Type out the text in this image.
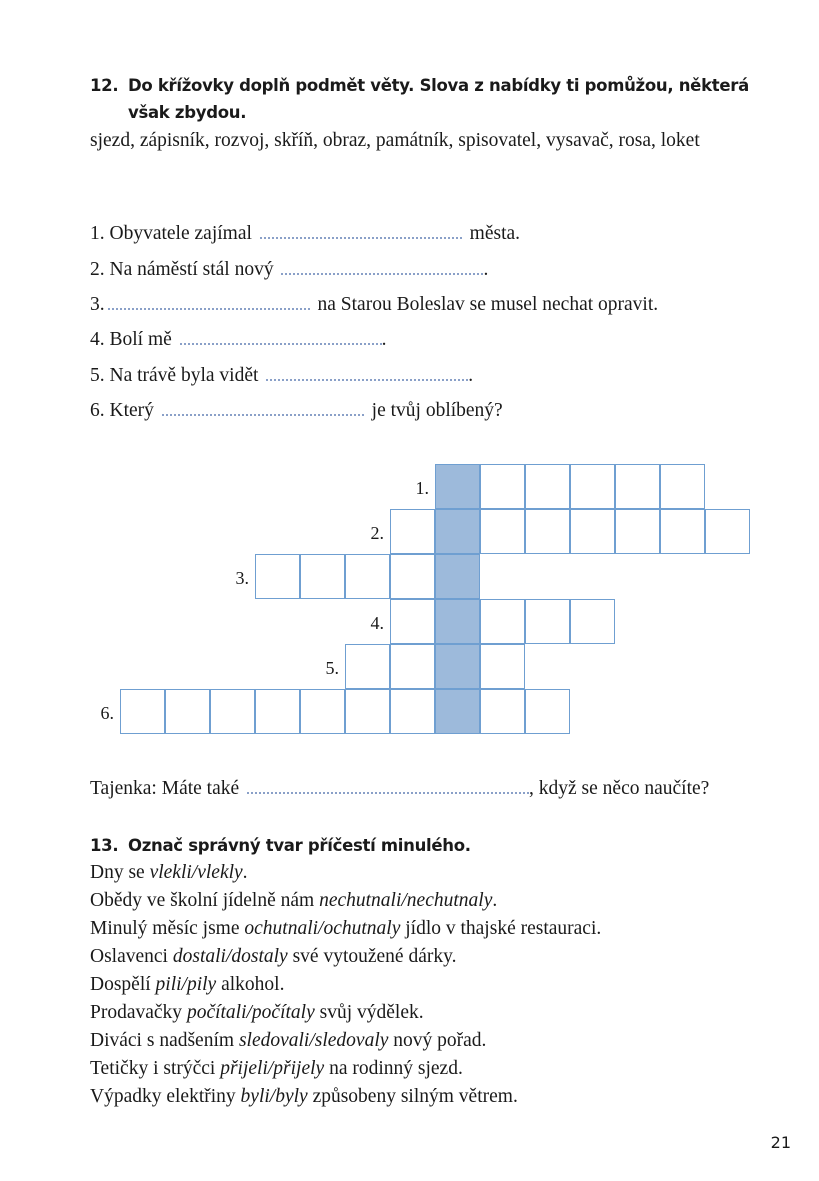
12. Do křížovky doplň podmět věty. Slova z nabídky ti pomůžou, některá však zbydou.
sjezd, zápisník, rozvoj, skříň, obraz, památník, spisovatel, vysavač, rosa, loket
1. Obyvatele zajímal	města.
2. Na náměstí stál nový	.
3.	na Starou Boleslav se musel nechat opravit.
4. Bolí mě	.
5. Na trávě byla vidět	.
6. Který	je tvůj oblíbený?
1.
2.
3.
4.
5.
6.
Tajenka: Máte také	, když se něco naučíte?
13. Označ správný tvar příčestí minulého.
Dny se vlekli/vlekly.
Obědy ve školní jídelně nám nechutnali/nechutnaly.
Minulý měsíc jsme ochutnali/ochutnaly jídlo v thajské restauraci.
Oslavenci dostali/dostaly své vytoužené dárky.
Dospělí pili/pily alkohol.
Prodavačky počítali/počítaly svůj výdělek.
Diváci s nadšením sledovali/sledovaly nový pořad.
Tetičky i strýčci přijeli/přijely na rodinný sjezd.
Výpadky elektřiny byli/byly způsobeny silným větrem.
21
